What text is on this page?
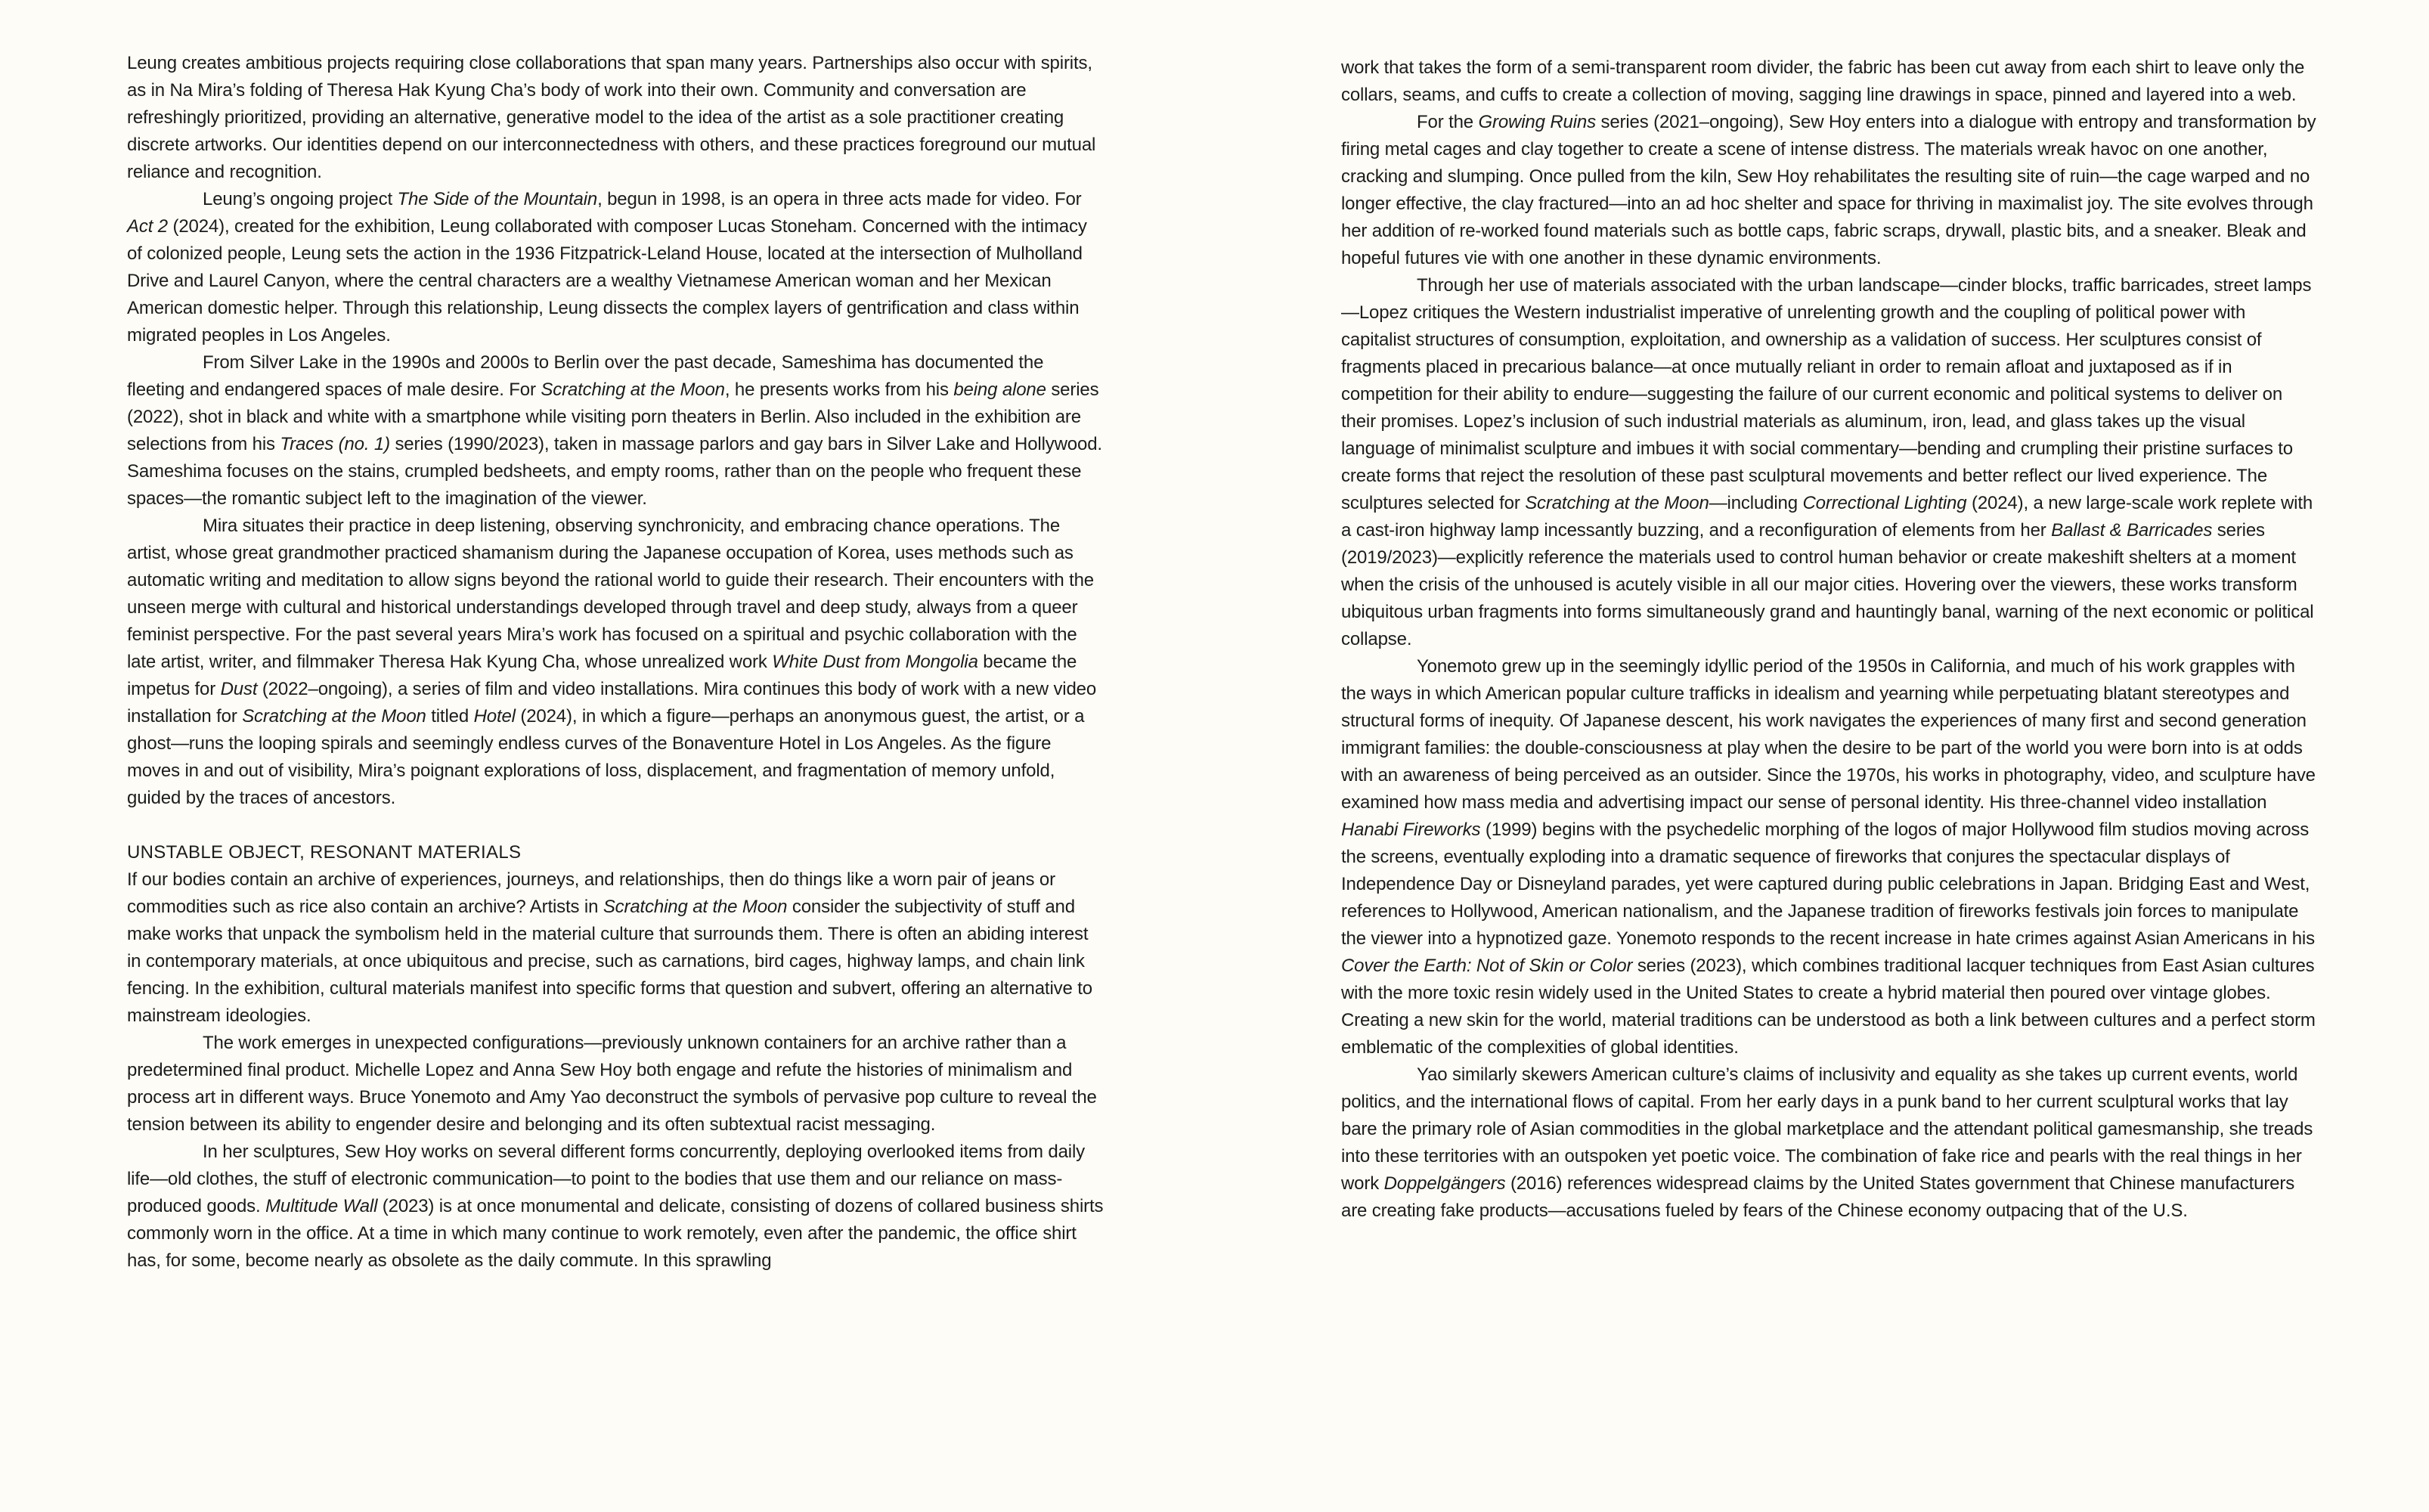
Leung creates ambitious projects requiring close collaborations that span many years. Partnerships also occur with spirits, as in Na Mira’s folding of Theresa Hak Kyung Cha’s body of work into their own. Community and conversation are refreshingly prioritized, providing an alternative, generative model to the idea of the artist as a sole practitioner creating discrete artworks. Our identities depend on our interconnectedness with others, and these practices foreground our mutual reliance and recognition.

Leung’s ongoing project The Side of the Mountain, begun in 1998, is an opera in three acts made for video. For Act 2 (2024), created for the exhibition, Leung collaborated with composer Lucas Stoneham. Concerned with the intimacy of colonized people, Leung sets the action in the 1936 Fitzpatrick-Leland House, located at the intersection of Mulholland Drive and Laurel Canyon, where the central characters are a wealthy Vietnamese American woman and her Mexican American domestic helper. Through this relationship, Leung dissects the complex layers of gentrification and class within migrated peoples in Los Angeles.

From Silver Lake in the 1990s and 2000s to Berlin over the past decade, Sameshima has documented the fleeting and endangered spaces of male desire. For Scratching at the Moon, he presents works from his being alone series (2022), shot in black and white with a smartphone while visiting porn theaters in Berlin. Also included in the exhibition are selections from his Traces (no. 1) series (1990/2023), taken in massage parlors and gay bars in Silver Lake and Hollywood. Sameshima focuses on the stains, crumpled bedsheets, and empty rooms, rather than on the people who frequent these spaces—the romantic subject left to the imagination of the viewer.

Mira situates their practice in deep listening, observing synchronicity, and embracing chance operations. The artist, whose great grandmother practiced shamanism during the Japanese occupation of Korea, uses methods such as automatic writing and meditation to allow signs beyond the rational world to guide their research. Their encounters with the unseen merge with cultural and historical understandings developed through travel and deep study, always from a queer feminist perspective. For the past several years Mira’s work has focused on a spiritual and psychic collaboration with the late artist, writer, and filmmaker Theresa Hak Kyung Cha, whose unrealized work White Dust from Mongolia became the impetus for Dust (2022–ongoing), a series of film and video installations. Mira continues this body of work with a new video installation for Scratching at the Moon titled Hotel (2024), in which a figure—perhaps an anonymous guest, the artist, or a ghost—runs the looping spirals and seemingly endless curves of the Bonaventure Hotel in Los Angeles. As the figure moves in and out of visibility, Mira’s poignant explorations of loss, displacement, and fragmentation of memory unfold, guided by the traces of ancestors.

UNSTABLE OBJECT, RESONANT MATERIALS

If our bodies contain an archive of experiences, journeys, and relationships, then do things like a worn pair of jeans or commodities such as rice also contain an archive? Artists in Scratching at the Moon consider the subjectivity of stuff and make works that unpack the symbolism held in the material culture that surrounds them. There is often an abiding interest in contemporary materials, at once ubiquitous and precise, such as carnations, bird cages, highway lamps, and chain link fencing. In the exhibition, cultural materials manifest into specific forms that question and subvert, offering an alternative to mainstream ideologies.

The work emerges in unexpected configurations—previously unknown containers for an archive rather than a predetermined final product. Michelle Lopez and Anna Sew Hoy both engage and refute the histories of minimalism and process art in different ways. Bruce Yonemoto and Amy Yao deconstruct the symbols of pervasive pop culture to reveal the tension between its ability to engender desire and belonging and its often subtextual racist messaging.

In her sculptures, Sew Hoy works on several different forms concurrently, deploying overlooked items from daily life—old clothes, the stuff of electronic communication—to point to the bodies that use them and our reliance on mass-produced goods. Multitude Wall (2023) is at once monumental and delicate, consisting of dozens of collared business shirts commonly worn in the office. At a time in which many continue to work remotely, even after the pandemic, the office shirt has, for some, become nearly as obsolete as the daily commute. In this sprawling

work that takes the form of a semi-transparent room divider, the fabric has been cut away from each shirt to leave only the collars, seams, and cuffs to create a collection of moving, sagging line drawings in space, pinned and layered into a web.

For the Growing Ruins series (2021–ongoing), Sew Hoy enters into a dialogue with entropy and transformation by firing metal cages and clay together to create a scene of intense distress. The materials wreak havoc on one another, cracking and slumping. Once pulled from the kiln, Sew Hoy rehabilitates the resulting site of ruin—the cage warped and no longer effective, the clay fractured—into an ad hoc shelter and space for thriving in maximalist joy. The site evolves through her addition of re-worked found materials such as bottle caps, fabric scraps, drywall, plastic bits, and a sneaker. Bleak and hopeful futures vie with one another in these dynamic environments.

Through her use of materials associated with the urban landscape—cinder blocks, traffic barricades, street lamps—Lopez critiques the Western industrialist imperative of unrelenting growth and the coupling of political power with capitalist structures of consumption, exploitation, and ownership as a validation of success. Her sculptures consist of fragments placed in precarious balance—at once mutually reliant in order to remain afloat and juxtaposed as if in competition for their ability to endure—suggesting the failure of our current economic and political systems to deliver on their promises. Lopez’s inclusion of such industrial materials as aluminum, iron, lead, and glass takes up the visual language of minimalist sculpture and imbues it with social commentary—bending and crumpling their pristine surfaces to create forms that reject the resolution of these past sculptural movements and better reflect our lived experience. The sculptures selected for Scratching at the Moon—including Correctional Lighting (2024), a new large-scale work replete with a cast-iron highway lamp incessantly buzzing, and a reconfiguration of elements from her Ballast & Barricades series (2019/2023)—explicitly reference the materials used to control human behavior or create makeshift shelters at a moment when the crisis of the unhoused is acutely visible in all our major cities. Hovering over the viewers, these works transform ubiquitous urban fragments into forms simultaneously grand and hauntingly banal, warning of the next economic or political collapse.

Yonemoto grew up in the seemingly idyllic period of the 1950s in California, and much of his work grapples with the ways in which American popular culture trafficks in idealism and yearning while perpetuating blatant stereotypes and structural forms of inequity. Of Japanese descent, his work navigates the experiences of many first and second generation immigrant families: the double-consciousness at play when the desire to be part of the world you were born into is at odds with an awareness of being perceived as an outsider. Since the 1970s, his works in photography, video, and sculpture have examined how mass media and advertising impact our sense of personal identity. His three-channel video installation Hanabi Fireworks (1999) begins with the psychedelic morphing of the logos of major Hollywood film studios moving across the screens, eventually exploding into a dramatic sequence of fireworks that conjures the spectacular displays of Independence Day or Disneyland parades, yet were captured during public celebrations in Japan. Bridging East and West, references to Hollywood, American nationalism, and the Japanese tradition of fireworks festivals join forces to manipulate the viewer into a hypnotized gaze. Yonemoto responds to the recent increase in hate crimes against Asian Americans in his Cover the Earth: Not of Skin or Color series (2023), which combines traditional lacquer techniques from East Asian cultures with the more toxic resin widely used in the United States to create a hybrid material then poured over vintage globes. Creating a new skin for the world, material traditions can be understood as both a link between cultures and a perfect storm emblematic of the complexities of global identities.

Yao similarly skewers American culture’s claims of inclusivity and equality as she takes up current events, world politics, and the international flows of capital. From her early days in a punk band to her current sculptural works that lay bare the primary role of Asian commodities in the global marketplace and the attendant political gamesmanship, she treads into these territories with an outspoken yet poetic voice. The combination of fake rice and pearls with the real things in her work Doppelgängers (2016) references widespread claims by the United States government that Chinese manufacturers are creating fake products—accusations fueled by fears of the Chinese economy outpacing that of the U.S.
